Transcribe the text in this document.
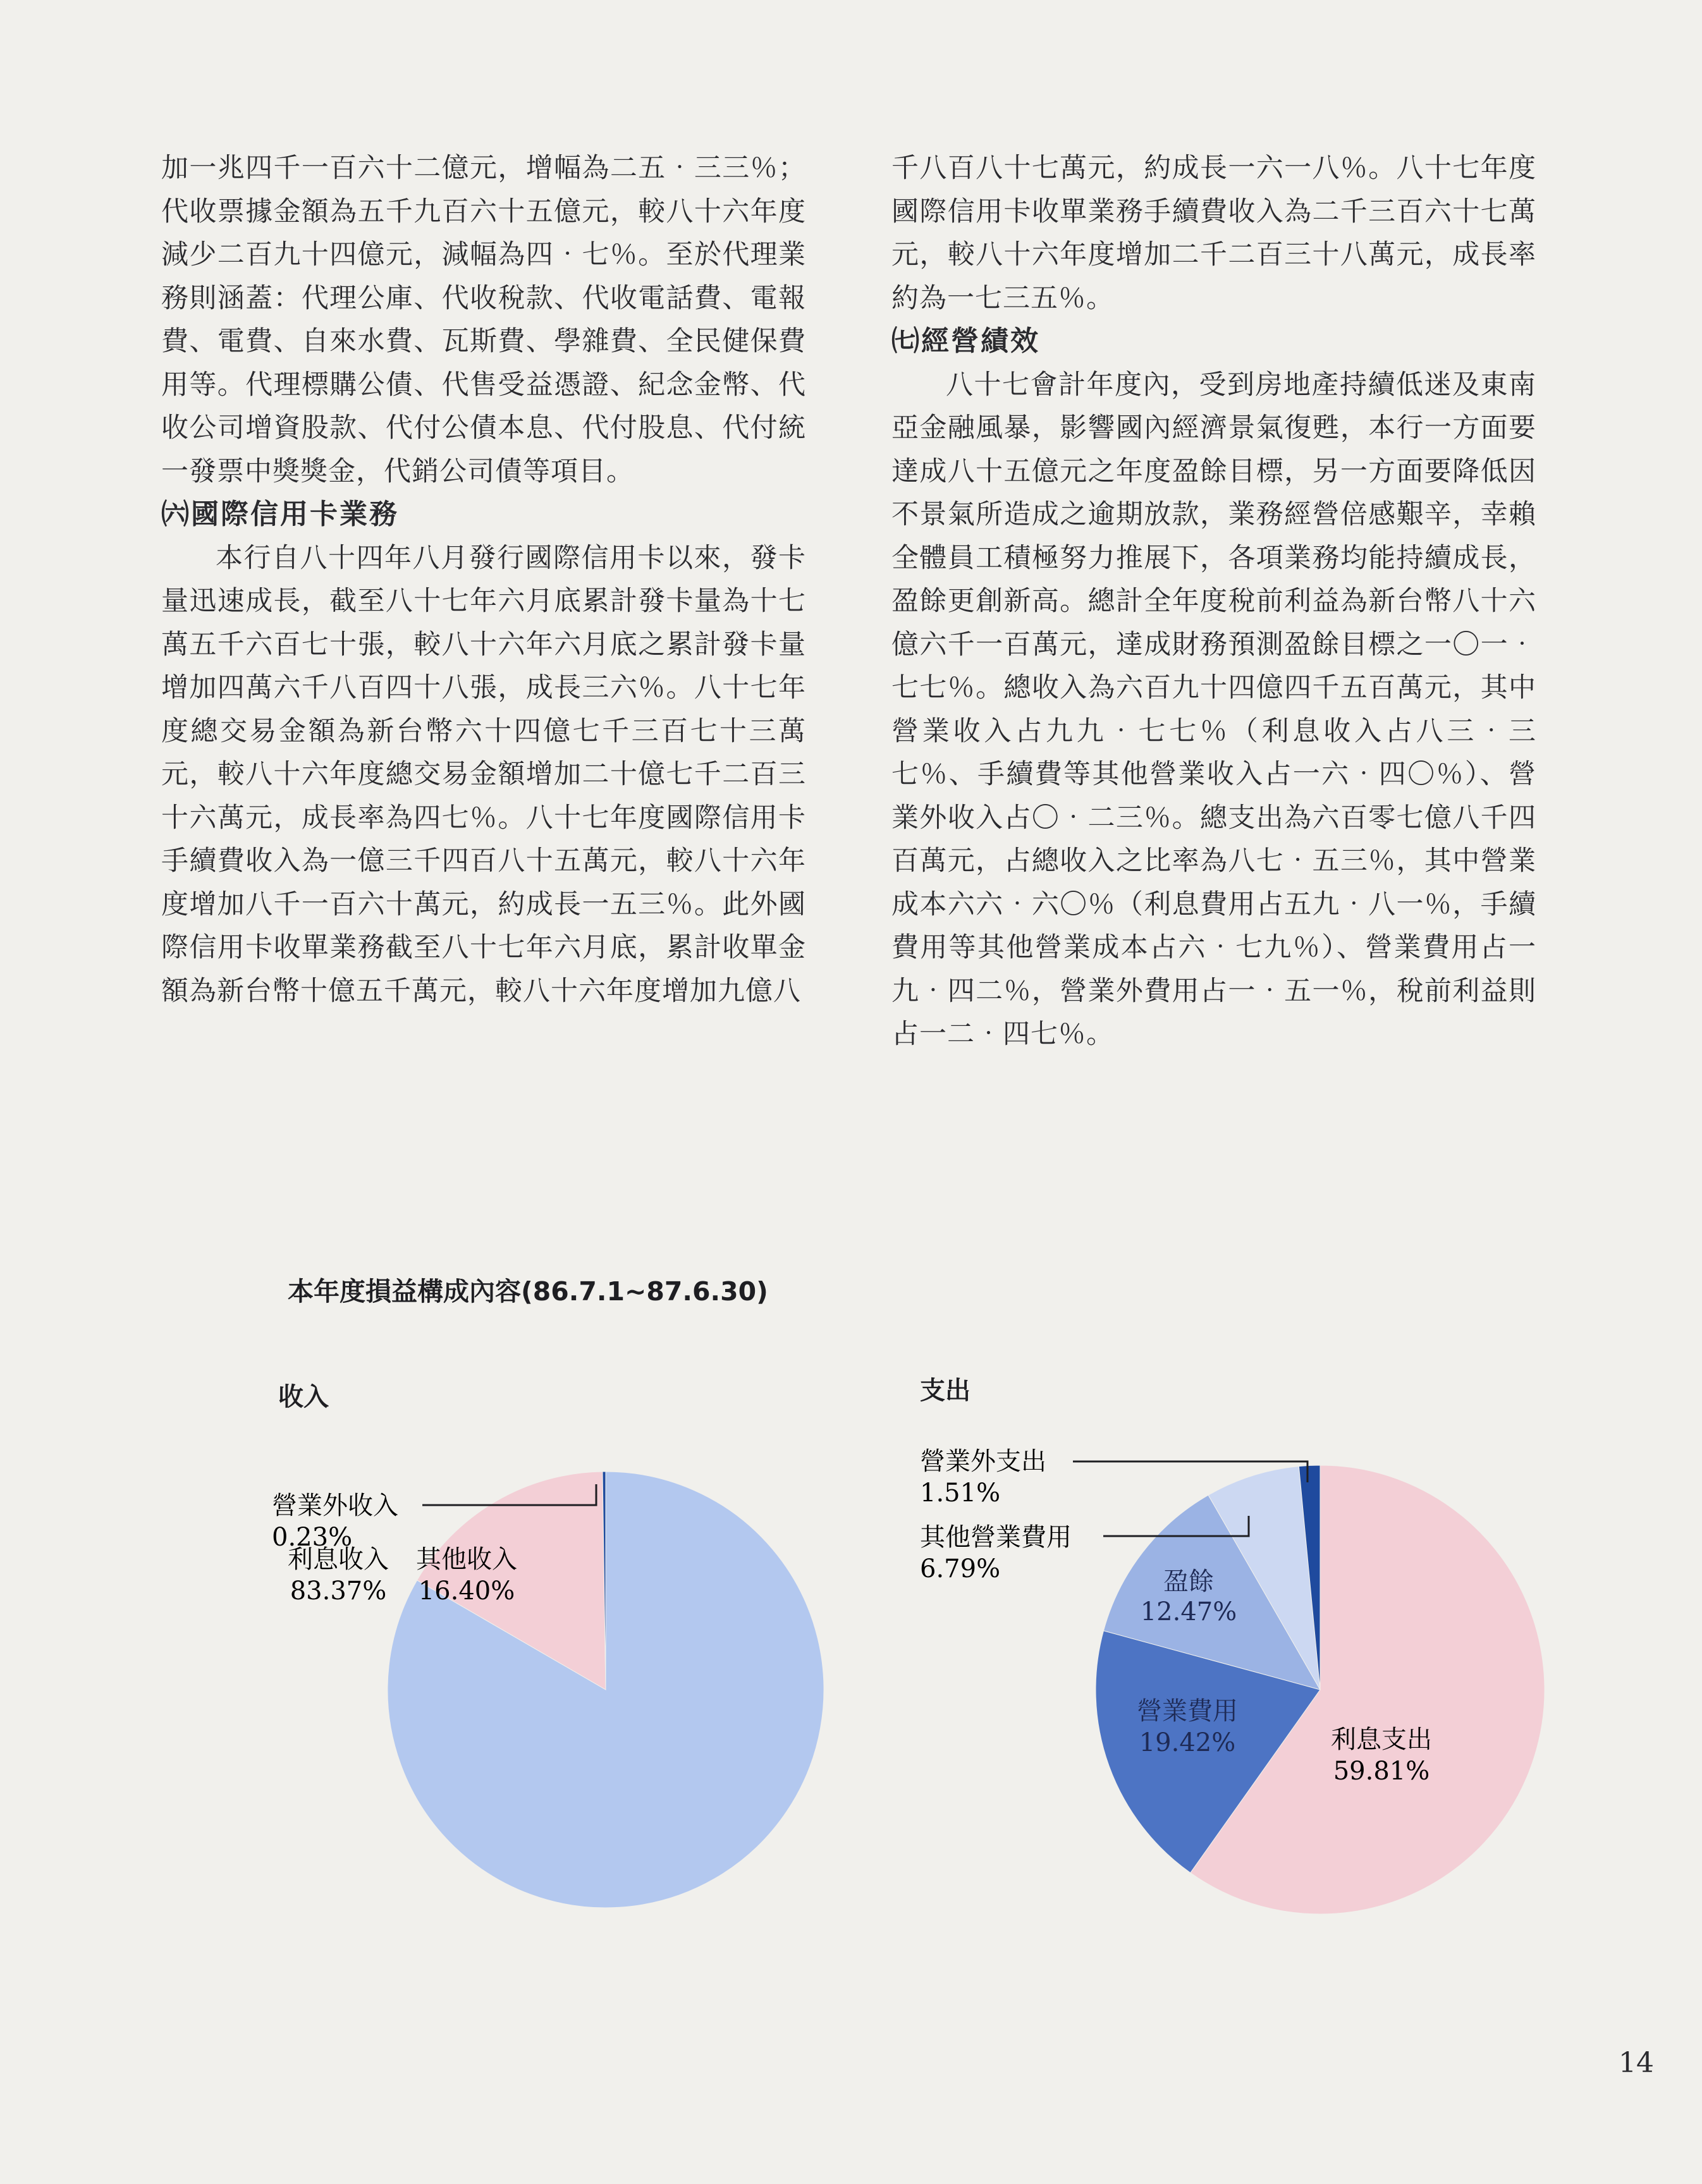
加一兆四千一百六十二億元，增幅為二五‧三三％；代收票據金額為五千九百六十五億元，較八十六年度減少二百九十四億元，減幅為四‧七％。至於代理業務則涵蓋：代理公庫、代收稅款、代收電話費、電報費、電費、自來水費、瓦斯費、學雜費、全民健保費用等。代理標購公債、代售受益憑證、紀念金幣、代收公司增資股款、代付公債本息、代付股息、代付統一發票中獎獎金，代銷公司債等項目。

㈥國際信用卡業務

本行自八十四年八月發行國際信用卡以來，發卡量迅速成長，截至八十七年六月底累計發卡量為十七萬五千六百七十張，較八十六年六月底之累計發卡量增加四萬六千八百四十八張，成長三六％。八十七年度總交易金額為新台幣六十四億七千三百七十三萬元，較八十六年度總交易金額增加二十億七千二百三十六萬元，成長率為四七％。八十七年度國際信用卡手續費收入為一億三千四百八十五萬元，較八十六年度增加八千一百六十萬元，約成長一五三％。此外國際信用卡收單業務截至八十七年六月底，累計收單金額為新台幣十億五千萬元，較八十六年度增加九億八

千八百八十七萬元，約成長一六一八％。八十七年度國際信用卡收單業務手續費收入為二千三百六十七萬元，較八十六年度增加二千二百三十八萬元，成長率約為一七三五％。

㈦經營績效

八十七會計年度內，受到房地產持續低迷及東南亞金融風暴，影響國內經濟景氣復甦，本行一方面要達成八十五億元之年度盈餘目標，另一方面要降低因不景氣所造成之逾期放款，業務經營倍感艱辛，幸賴全體員工積極努力推展下，各項業務均能持續成長，盈餘更創新高。總計全年度稅前利益為新台幣八十六億六千一百萬元，達成財務預測盈餘目標之一〇一‧七七％。總收入為六百九十四億四千五百萬元，其中營業收入占九九‧七七％（利息收入占八三‧三七％、手續費等其他營業收入占一六‧四〇％）、營業外收入占〇‧二三％。總支出為六百零七億八千四百萬元，占總收入之比率為八七‧五三％，其中營業成本六六‧六〇％（利息費用占五九‧八一％，手續費用等其他營業成本占六‧七九％）、營業費用占一九‧四二％，營業外費用占一‧五一％，稅前利益則占一二‧四七％。

本年度損益構成內容(86.7.1~87.6.30)
收入	支出
利息收入
83.37%
其他收入
16.40%
營業外收入
0.23%
利息支出
59.81%
營業費用
19.42%
盈餘
12.47%
其他營業費用
6.79%
營業外支出
1.51%
14
